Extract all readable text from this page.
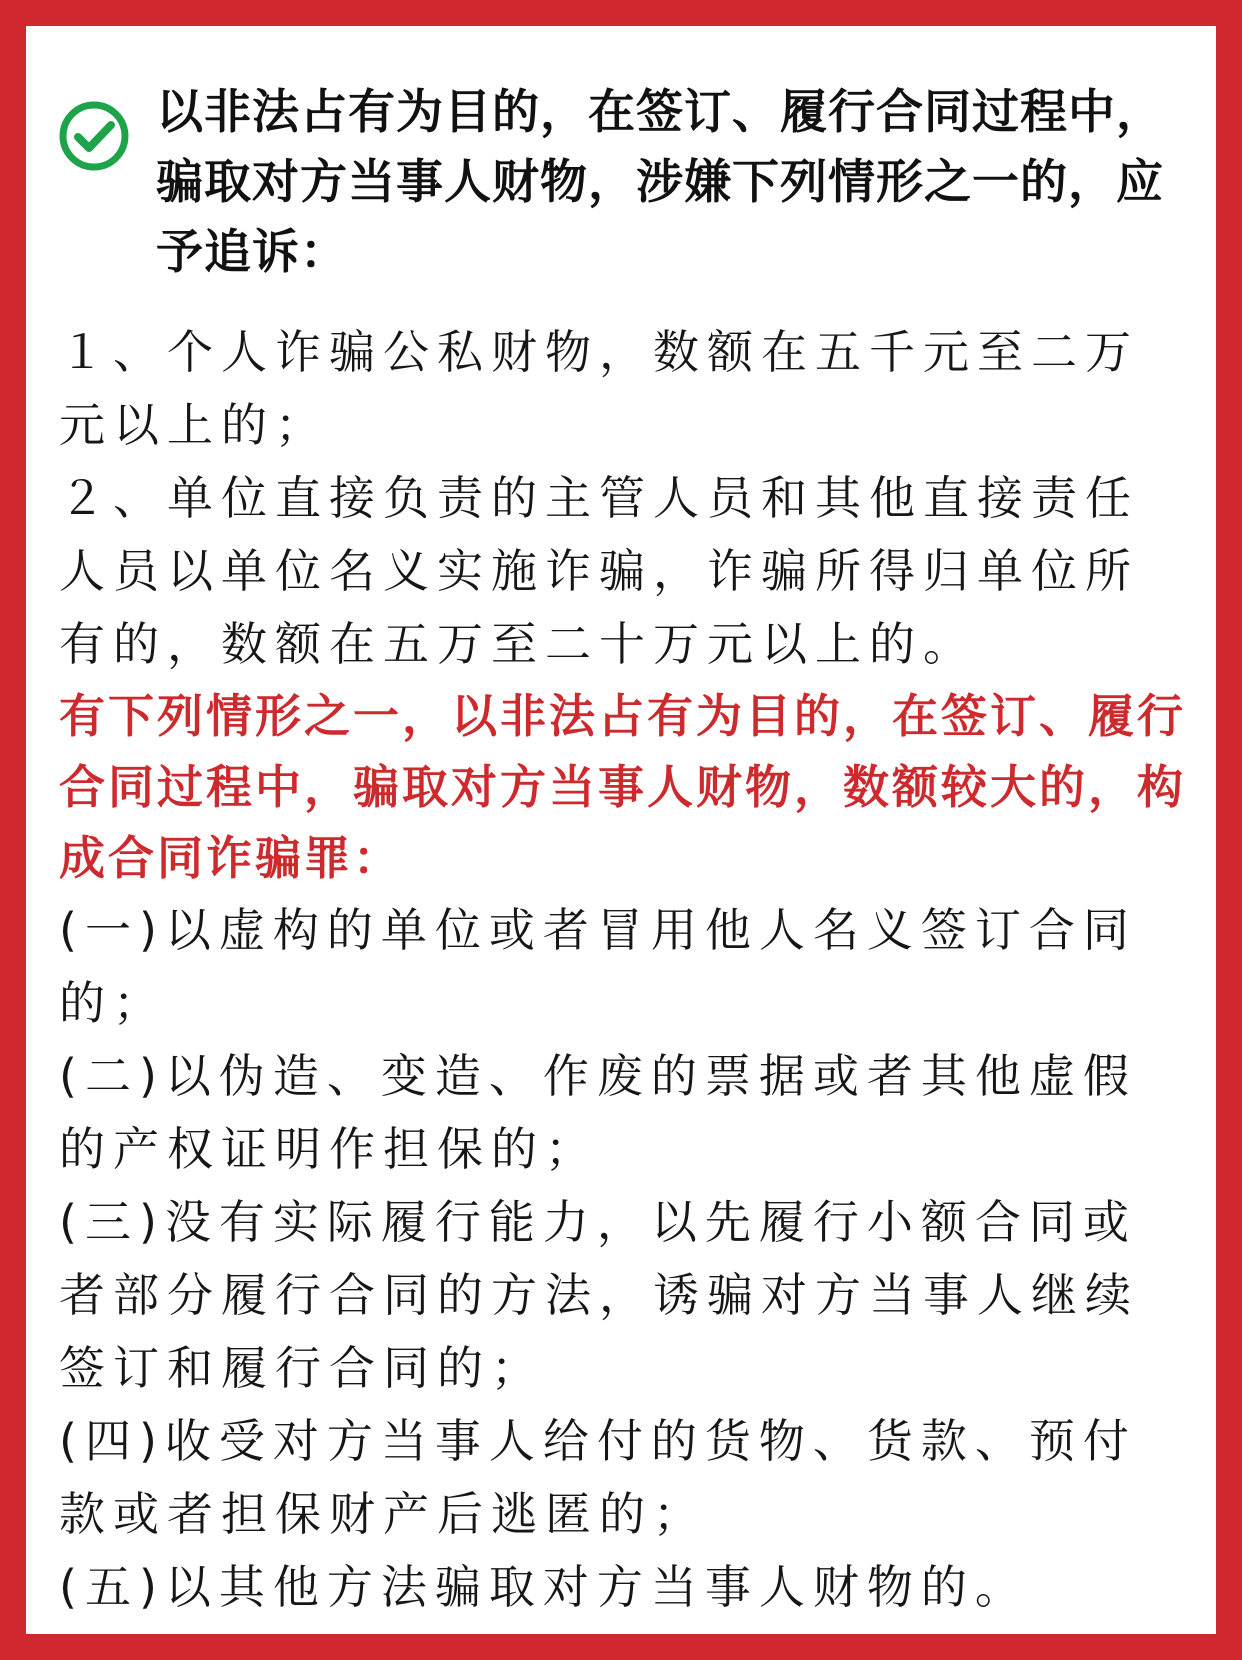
以非法占有为目的，在签订、履行合同过程中，骗取对方当事人财物，涉嫌下列情形之一的，应予追诉：

１、个人诈骗公私财物，数额在五千元至二万元以上的；

２、单位直接负责的主管人员和其他直接责任人员以单位名义实施诈骗，诈骗所得归单位所有的，数额在五万至二十万元以上的。

有下列情形之一，以非法占有为目的，在签订、履行合同过程中，骗取对方当事人财物，数额较大的，构成合同诈骗罪：

(一)以虚构的单位或者冒用他人名义签订合同的；

(二)以伪造、变造、作废的票据或者其他虚假的产权证明作担保的；

(三)没有实际履行能力，以先履行小额合同或者部分履行合同的方法，诱骗对方当事人继续签订和履行合同的；

(四)收受对方当事人给付的货物、货款、预付款或者担保财产后逃匿的；

(五)以其他方法骗取对方当事人财物的。
